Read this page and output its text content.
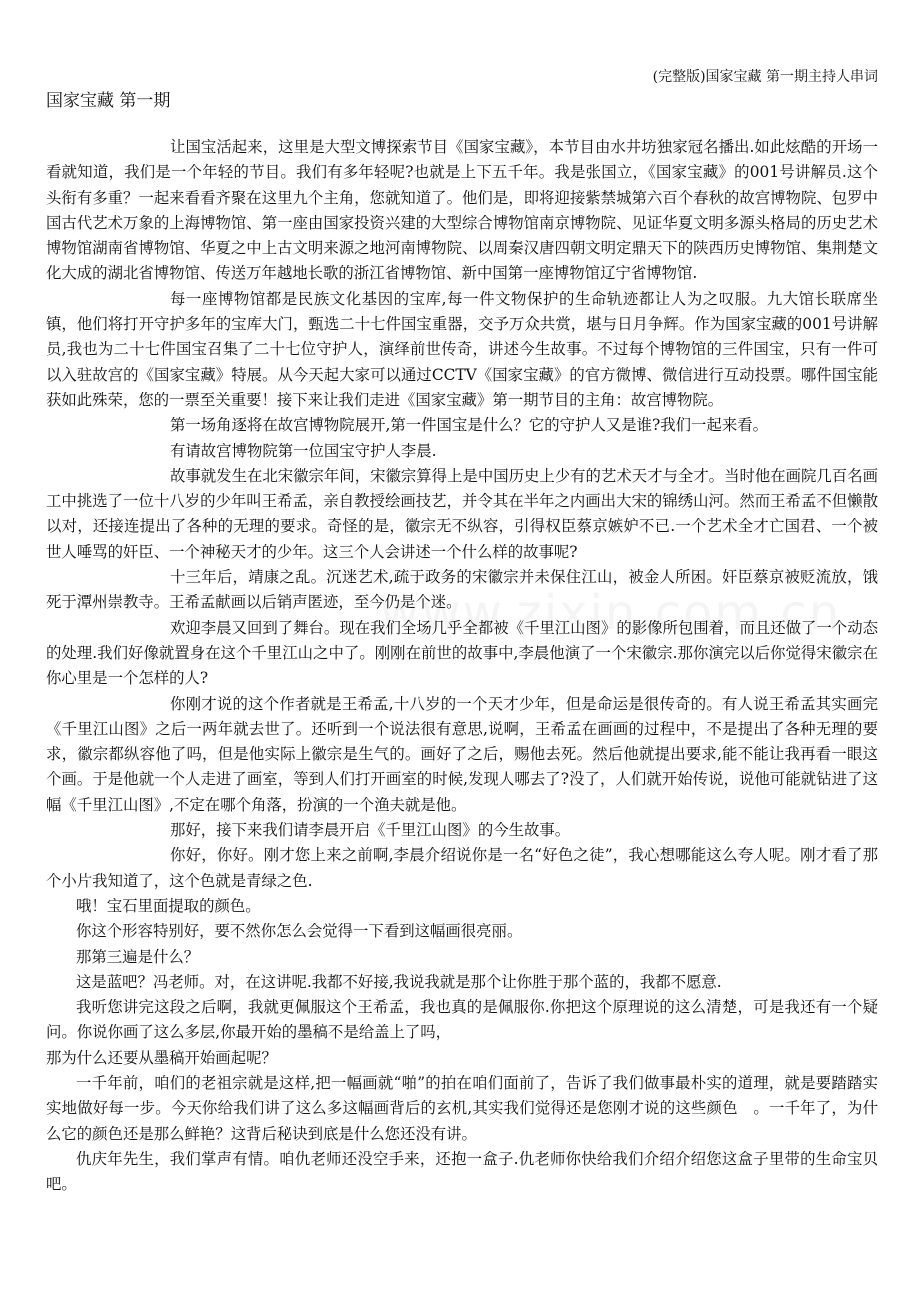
(完整版)国家宝藏 第一期主持人串词
国家宝藏 第一期

让国宝活起来，这里是大型文博探索节目《国家宝藏》，本节目由水井坊独家冠名播出.如此炫酷的开场一看就知道，我们是一个年轻的节目。我们有多年轻呢?也就是上下五千年。我是张国立，《国家宝藏》的001号讲解员.这个头衔有多重？一起来看看齐聚在这里九个主角，您就知道了。他们是，即将迎接紫禁城第六百个春秋的故宫博物院、包罗中国古代艺术万象的上海博物馆、第一座由国家投资兴建的大型综合博物馆南京博物院、见证华夏文明多源头格局的历史艺术博物馆湖南省博物馆、华夏之中上古文明来源之地河南博物院、以周秦汉唐四朝文明定鼎天下的陕西历史博物馆、集荆楚文化大成的湖北省博物馆、传送万年越地长歌的浙江省博物馆、新中国第一座博物馆辽宁省博物馆.

每一座博物馆都是民族文化基因的宝库,每一件文物保护的生命轨迹都让人为之叹服。九大馆长联席坐镇，他们将打开守护多年的宝库大门，甄选二十七件国宝重器，交予万众共赏，堪与日月争辉。作为国家宝藏的001号讲解员,我也为二十七件国宝召集了二十七位守护人，演绎前世传奇，讲述今生故事。不过每个博物馆的三件国宝，只有一件可以入驻故宫的《国家宝藏》特展。从今天起大家可以通过CCTV《国家宝藏》的官方微博、微信进行互动投票。哪件国宝能获如此殊荣，您的一票至关重要！接下来让我们走进《国家宝藏》第一期节目的主角：故宫博物院。

第一场角逐将在故宫博物院展开,第一件国宝是什么？它的守护人又是谁?我们一起来看。

有请故宫博物院第一位国宝守护人李晨.

故事就发生在北宋徽宗年间，宋徽宗算得上是中国历史上少有的艺术天才与全才。当时他在画院几百名画工中挑选了一位十八岁的少年叫王希孟，亲自教授绘画技艺，并令其在半年之内画出大宋的锦绣山河。然而王希孟不但懒散以对，还接连提出了各种的无理的要求。奇怪的是，徽宗无不纵容，引得权臣蔡京嫉妒不已.一个艺术全才亡国君、一个被世人唾骂的奸臣、一个神秘天才的少年。这三个人会讲述一个什么样的故事呢?

十三年后，靖康之乱。沉迷艺术,疏于政务的宋徽宗并未保住江山，被金人所困。奸臣蔡京被贬流放，饿死于潭州崇教寺。王希孟献画以后销声匿迹，至今仍是个迷。

欢迎李晨又回到了舞台。现在我们全场几乎全都被《千里江山图》的影像所包围着，而且还做了一个动态的处理.我们好像就置身在这个千里江山之中了。刚刚在前世的故事中,李晨他演了一个宋徽宗.那你演完以后你觉得宋徽宗在你心里是一个怎样的人?

你刚才说的这个作者就是王希孟,十八岁的一个天才少年，但是命运是很传奇的。有人说王希孟其实画完《千里江山图》之后一两年就去世了。还听到一个说法很有意思,说啊，王希孟在画画的过程中，不是提出了各种无理的要求，徽宗都纵容他了吗，但是他实际上徽宗是生气的。画好了之后，赐他去死。然后他就提出要求,能不能让我再看一眼这个画。于是他就一个人走进了画室，等到人们打开画室的时候,发现人哪去了?没了，人们就开始传说，说他可能就钻进了这幅《千里江山图》,不定在哪个角落，扮演的一个渔夫就是他。

那好，接下来我们请李晨开启《千里江山图》的今生故事。

你好，你好。刚才您上来之前啊,李晨介绍说你是一名“好色之徒”，我心想哪能这么夸人呢。刚才看了那个小片我知道了，这个色就是青绿之色.

哦！宝石里面提取的颜色。

你这个形容特别好，要不然你怎么会觉得一下看到这幅画很亮丽。

那第三遍是什么？

这是蓝吧？冯老师。对，在这讲呢.我都不好接,我说我就是那个让你胜于那个蓝的，我都不愿意.

我听您讲完这段之后啊，我就更佩服这个王希孟，我也真的是佩服你.你把这个原理说的这么清楚，可是我还有一个疑问。你说你画了这么多层,你最开始的墨稿不是给盖上了吗，

那为什么还要从墨稿开始画起呢？

一千年前，咱们的老祖宗就是这样,把一幅画就“啪”的拍在咱们面前了，告诉了我们做事最朴实的道理，就是要踏踏实实地做好每一步。今天你给我们讲了这么多这幅画背后的玄机,其实我们觉得还是您刚才说的这些颜色　。一千年了，为什么它的颜色还是那么鲜艳？这背后秘诀到底是什么您还没有讲。

仇庆年先生，我们掌声有情。咱仇老师还没空手来，还抱一盒子.仇老师你快给我们介绍介绍您这盒子里带的生命宝贝吧。
